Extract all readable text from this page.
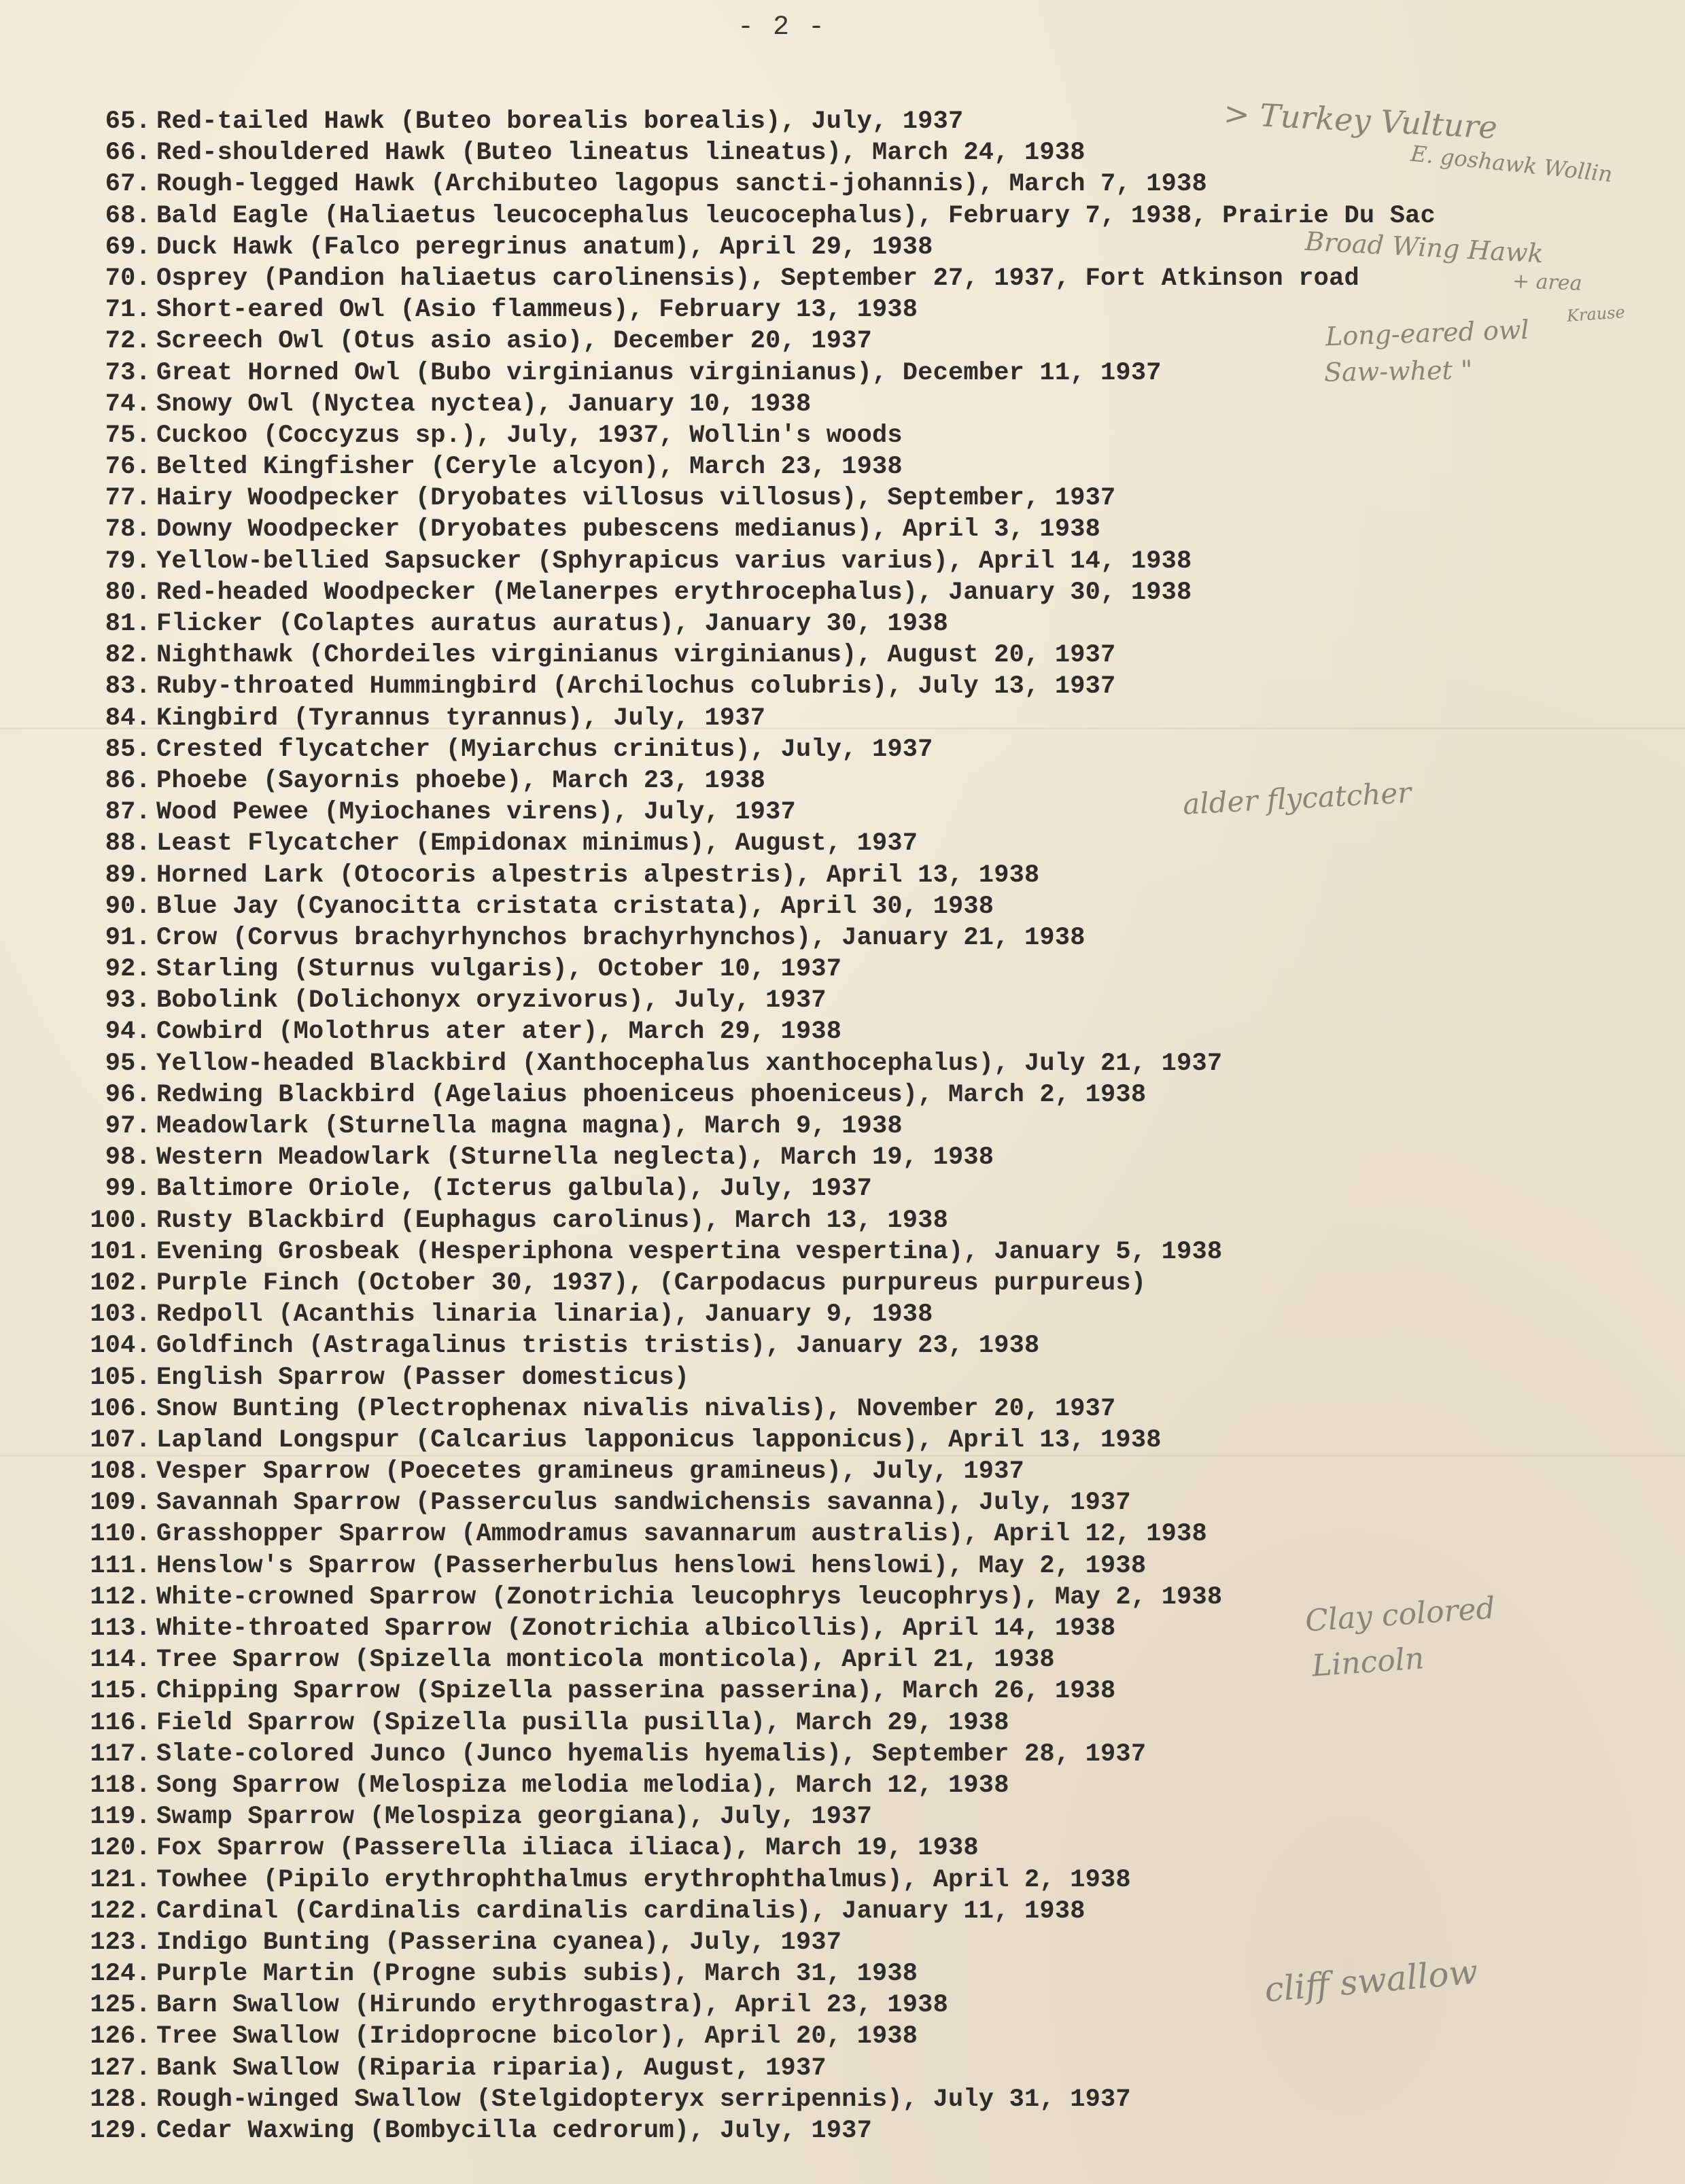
- 2 -
65. Red-tailed Hawk (Buteo borealis borealis), July, 1937
66. Red-shouldered Hawk (Buteo lineatus lineatus), March 24, 1938
67. Rough-legged Hawk (Archibuteo lagopus sancti-johannis), March 7, 1938
68. Bald Eagle (Haliaetus leucocephalus leucocephalus), February 7, 1938, Prairie Du Sac
69. Duck Hawk (Falco peregrinus anatum), April 29, 1938
70. Osprey (Pandion haliaetus carolinensis), September 27, 1937, Fort Atkinson road
71. Short-eared Owl (Asio flammeus), February 13, 1938
72. Screech Owl (Otus asio asio), December 20, 1937
73. Great Horned Owl (Bubo virginianus virginianus), December 11, 1937
74. Snowy Owl (Nyctea nyctea), January 10, 1938
75. Cuckoo (Coccyzus sp.), July, 1937, Wollin's woods
76. Belted Kingfisher (Ceryle alcyon), March 23, 1938
77. Hairy Woodpecker (Dryobates villosus villosus), September, 1937
78. Downy Woodpecker (Dryobates pubescens medianus), April 3, 1938
79. Yellow-bellied Sapsucker (Sphyrapicus varius varius), April 14, 1938
80. Red-headed Woodpecker (Melanerpes erythrocephalus), January 30, 1938
81. Flicker (Colaptes auratus auratus), January 30, 1938
82. Nighthawk (Chordeiles virginianus virginianus), August 20, 1937
83. Ruby-throated Hummingbird (Archilochus colubris), July 13, 1937
84. Kingbird (Tyrannus tyrannus), July, 1937
85. Crested flycatcher (Myiarchus crinitus), July, 1937
86. Phoebe (Sayornis phoebe), March 23, 1938
87. Wood Pewee (Myiochanes virens), July, 1937
88. Least Flycatcher (Empidonax minimus), August, 1937
89. Horned Lark (Otocoris alpestris alpestris), April 13, 1938
90. Blue Jay (Cyanocitta cristata cristata), April 30, 1938
91. Crow (Corvus brachyrhynchos brachyrhynchos), January 21, 1938
92. Starling (Sturnus vulgaris), October 10, 1937
93. Bobolink (Dolichonyx oryzivorus), July, 1937
94. Cowbird (Molothrus ater ater), March 29, 1938
95. Yellow-headed Blackbird (Xanthocephalus xanthocephalus), July 21, 1937
96. Redwing Blackbird (Agelaius phoeniceus phoeniceus), March 2, 1938
97. Meadowlark (Sturnella magna magna), March 9, 1938
98. Western Meadowlark (Sturnella neglecta), March 19, 1938
99. Baltimore Oriole, (Icterus galbula), July, 1937
100. Rusty Blackbird (Euphagus carolinus), March 13, 1938
101. Evening Grosbeak (Hesperiphona vespertina vespertina), January 5, 1938
102. Purple Finch (October 30, 1937), (Carpodacus purpureus purpureus)
103. Redpoll (Acanthis linaria linaria), January 9, 1938
104. Goldfinch (Astragalinus tristis tristis), January 23, 1938
105. English Sparrow (Passer domesticus)
106. Snow Bunting (Plectrophenax nivalis nivalis), November 20, 1937
107. Lapland Longspur (Calcarius lapponicus lapponicus), April 13, 1938
108. Vesper Sparrow (Poecetes gramineus gramineus), July, 1937
109. Savannah Sparrow (Passerculus sandwichensis savanna), July, 1937
110. Grasshopper Sparrow (Ammodramus savannarum australis), April 12, 1938
111. Henslow's Sparrow (Passerherbulus henslowi henslowi), May 2, 1938
112. White-crowned Sparrow (Zonotrichia leucophrys leucophrys), May 2, 1938
113. White-throated Sparrow (Zonotrichia albicollis), April 14, 1938
114. Tree Sparrow (Spizella monticola monticola), April 21, 1938
115. Chipping Sparrow (Spizella passerina passerina), March 26, 1938
116. Field Sparrow (Spizella pusilla pusilla), March 29, 1938
117. Slate-colored Junco (Junco hyemalis hyemalis), September 28, 1937
118. Song Sparrow (Melospiza melodia melodia), March 12, 1938
119. Swamp Sparrow (Melospiza georgiana), July, 1937
120. Fox Sparrow (Passerella iliaca iliaca), March 19, 1938
121. Towhee (Pipilo erythrophthalmus erythrophthalmus), April 2, 1938
122. Cardinal (Cardinalis cardinalis cardinalis), January 11, 1938
123. Indigo Bunting (Passerina cyanea), July, 1937
124. Purple Martin (Progne subis subis), March 31, 1938
125. Barn Swallow (Hirundo erythrogastra), April 23, 1938
126. Tree Swallow (Iridoprocne bicolor), April 20, 1938
127. Bank Swallow (Riparia riparia), August, 1937
128. Rough-winged Swallow (Stelgidopteryx serripennis), July 31, 1937
129. Cedar Waxwing (Bombycilla cedrorum), July, 1937
> Turkey Vulture
E. goshawk Wollin
Broad Wing Hawk
+ area
Long-eared owl
Krause
Saw-whet "
alder flycatcher
Clay colored
Lincoln
cliff swallow
